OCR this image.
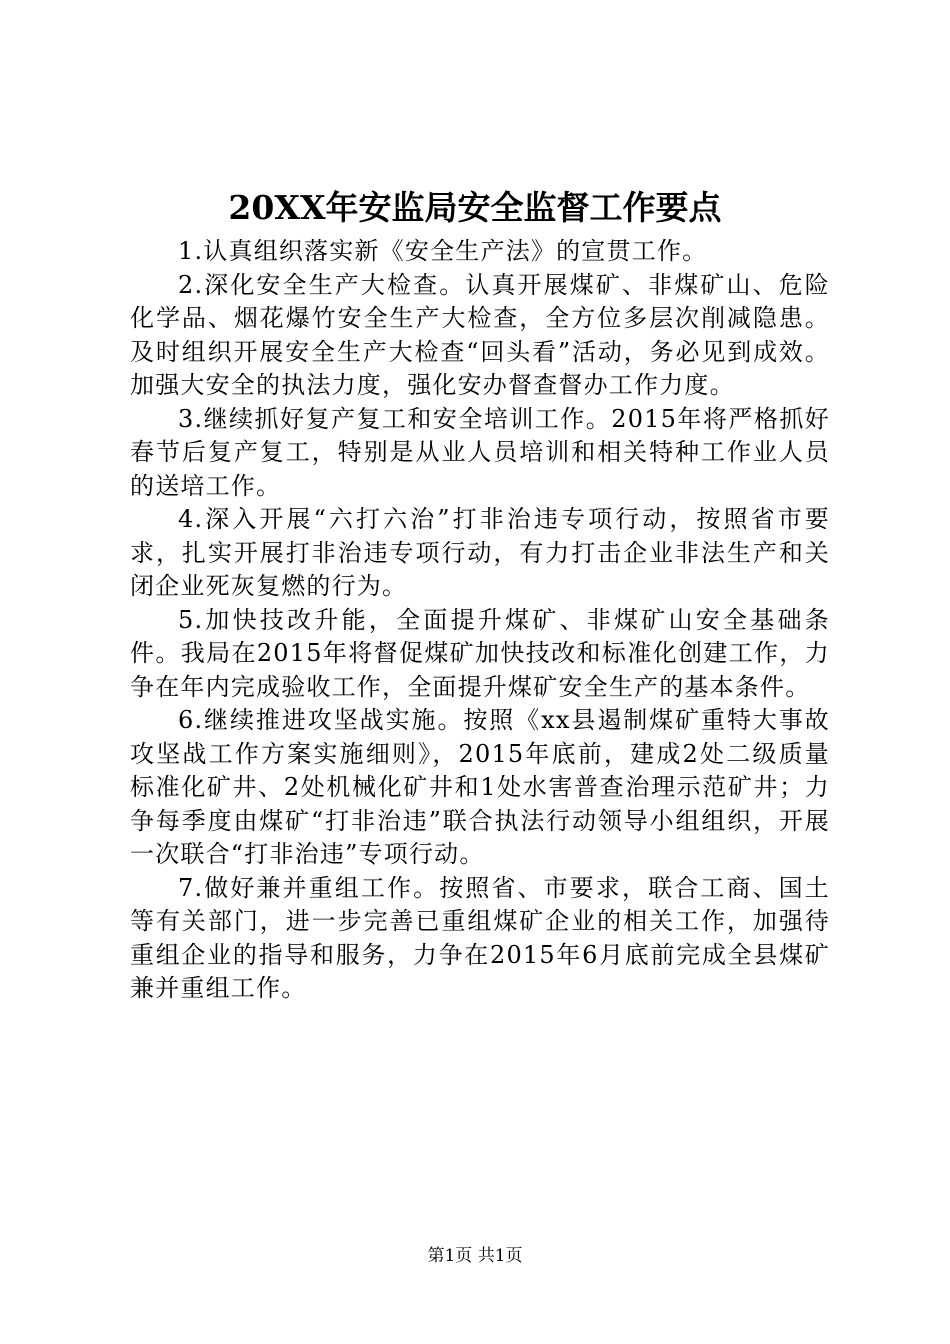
20XX年安监局安全监督工作要点

1.认真组织落实新《安全生产法》的宣贯工作。

2.深化安全生产大检查。认真开展煤矿、非煤矿山、危险化学品、烟花爆竹安全生产大检查，全方位多层次削减隐患。及时组织开展安全生产大检查“回头看”活动，务必见到成效。加强大安全的执法力度，强化安办督查督办工作力度。

3.继续抓好复产复工和安全培训工作。2015年将严格抓好春节后复产复工，特别是从业人员培训和相关特种工作业人员的送培工作。

4.深入开展“六打六治”打非治违专项行动，按照省市要求，扎实开展打非治违专项行动，有力打击企业非法生产和关闭企业死灰复燃的行为。

5.加快技改升能，全面提升煤矿、非煤矿山安全基础条件。我局在2015年将督促煤矿加快技改和标准化创建工作，力争在年内完成验收工作，全面提升煤矿安全生产的基本条件。

6.继续推进攻坚战实施。按照《xx县遏制煤矿重特大事故攻坚战工作方案实施细则》，2015年底前，建成2处二级质量标准化矿井、2处机械化矿井和1处水害普查治理示范矿井；力争每季度由煤矿“打非治违”联合执法行动领导小组组织，开展一次联合“打非治违”专项行动。

7.做好兼并重组工作。按照省、市要求，联合工商、国土等有关部门，进一步完善已重组煤矿企业的相关工作，加强待重组企业的指导和服务，力争在2015年6月底前完成全县煤矿兼并重组工作。

第1页 共1页
